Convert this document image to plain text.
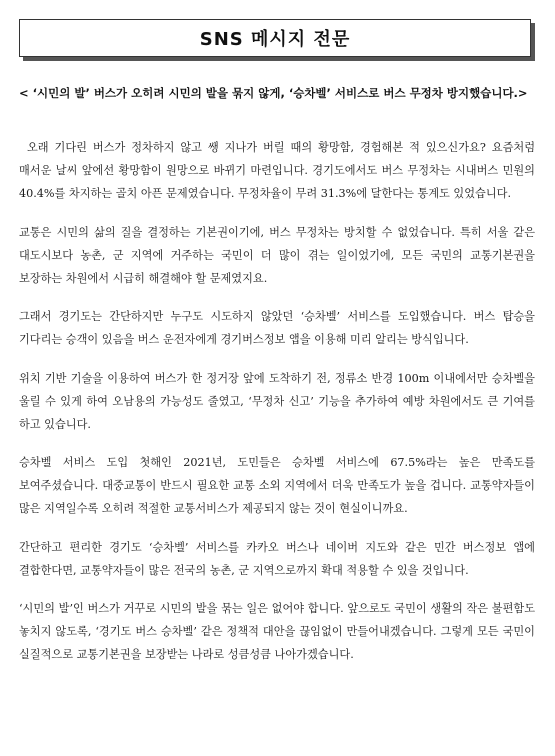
SNS 메시지 전문
< ‘시민의 발’ 버스가 오히려 시민의 발을 묶지 않게, ‘승차벨’ 서비스로 버스 무정차 방지했습니다.>

오래 기다린 버스가 정차하지 않고 쌩 지나가 버릴 때의 황망함, 경험해본 적 있으신가요? 요즘처럼 매서운 날씨 앞에선 황망함이 원망으로 바뀌기 마련입니다. 경기도에서도 버스 무정차는 시내버스 민원의 40.4%를 차지하는 골치 아픈 문제였습니다. 무정차율이 무려 31.3%에 달한다는 통계도 있었습니다.

교통은 시민의 삶의 질을 결정하는 기본권이기에, 버스 무정차는 방치할 수 없었습니다. 특히 서울 같은 대도시보다 농촌, 군 지역에 거주하는 국민이 더 많이 겪는 일이었기에, 모든 국민의 교통기본권을 보장하는 차원에서 시급히 해결해야 할 문제였지요.

그래서 경기도는 간단하지만 누구도 시도하지 않았던 ‘승차벨’ 서비스를 도입했습니다. 버스 탑승을 기다리는 승객이 있음을 버스 운전자에게 경기버스정보 앱을 이용해 미리 알리는 방식입니다.

위치 기반 기술을 이용하여 버스가 한 정거장 앞에 도착하기 전, 정류소 반경 100m 이내에서만 승차벨을 울릴 수 있게 하여 오남용의 가능성도 줄였고, ‘무정차 신고’ 기능을 추가하여 예방 차원에서도 큰 기여를 하고 있습니다.

승차벨 서비스 도입 첫해인 2021년, 도민들은 승차벨 서비스에 67.5%라는 높은 만족도를 보여주셨습니다. 대중교통이 반드시 필요한 교통 소외 지역에서 더욱 만족도가 높을 겁니다. 교통약자들이 많은 지역일수록 오히려 적절한 교통서비스가 제공되지 않는 것이 현실이니까요.

간단하고 편리한 경기도 ‘승차벨’ 서비스를 카카오 버스나 네이버 지도와 같은 민간 버스정보 앱에 결합한다면, 교통약자들이 많은 전국의 농촌, 군 지역으로까지 확대 적용할 수 있을 것입니다.

‘시민의 발’인 버스가 거꾸로 시민의 발을 묶는 일은 없어야 합니다. 앞으로도 국민이 생활의 작은 불편함도 놓치지 않도록, ‘경기도 버스 승차벨’ 같은 정책적 대안을 끊임없이 만들어내겠습니다. 그렇게 모든 국민이 실질적으로 교통기본권을 보장받는 나라로 성큼성큼 나아가겠습니다.
